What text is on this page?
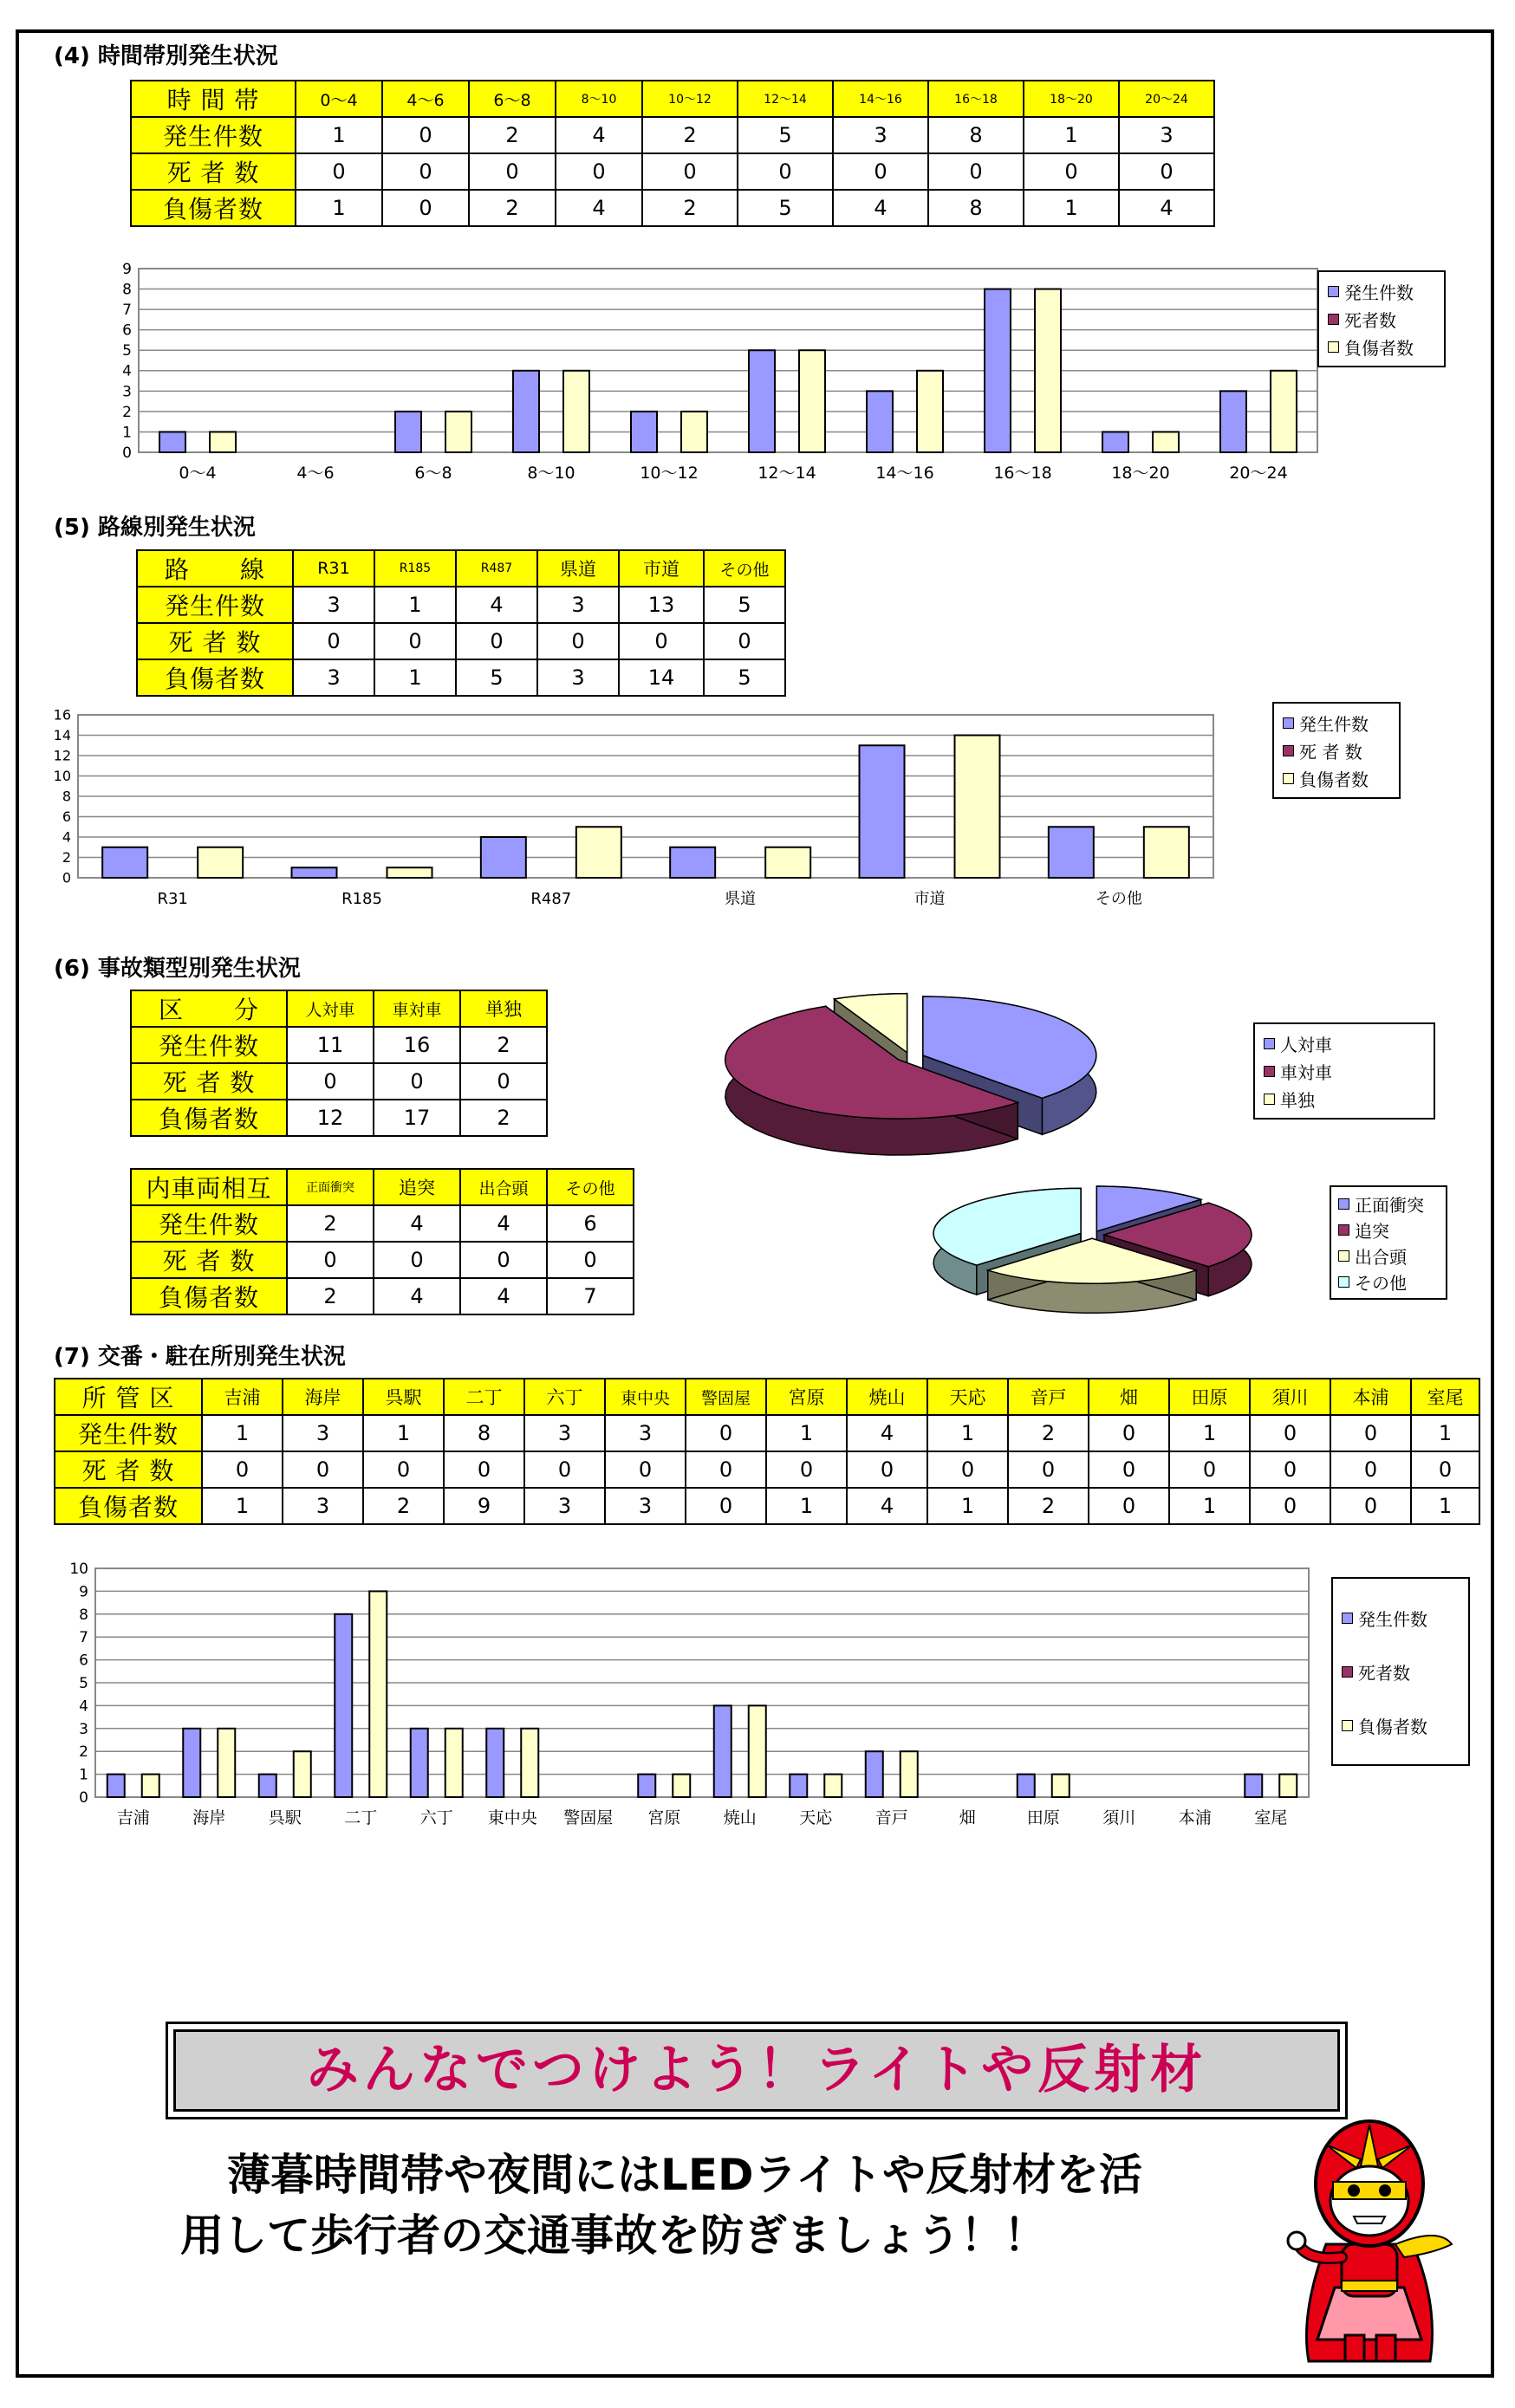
(4) 時間帯別発生状況
時 間 帯	0～4	4～6	6～8	8～10	10～12	12～14	14～16	16～18	18～20	20～24
発生件数	1	0	2	4	2	5	3	8	1	3
死 者 数	0	0	0	0	0	0	0	0	0	0
負傷者数	1	0	2	4	2	5	4	8	1	4
0
1
2
3
4
5
6
7
8
9
0～4	4～6	6～8	8～10	10～12	12～14	14～16	16～18	18～20	20～24
発生件数
死者数
負傷者数
(5) 路線別発生状況
路　　線	R31	R185	R487	県道	市道	その他
発生件数	3	1	4	3	13	5
死 者 数	0	0	0	0	0	0
負傷者数	3	1	5	3	14	5
0
2
4
6
8
10
12
14
16
R31	R185	R487	県道	市道	その他
発生件数
死 者 数
負傷者数
(6) 事故類型別発生状況
区　　分	人対車	車対車	単独
発生件数	11	16	2
死 者 数	0	0	0
負傷者数	12	17	2
内車両相互	正面衝突	追突	出合頭	その他
発生件数	2	4	4	6
死 者 数	0	0	0	0
負傷者数	2	4	4	7
人対車
車対車
単独
正面衝突
追突
出合頭
その他
(7) 交番・駐在所別発生状況
所 管 区	吉浦	海岸	呉駅	二丁	六丁	東中央	警固屋	宮原	焼山	天応	音戸	畑	田原	須川	本浦	室尾
発生件数	1	3	1	8	3	3	0	1	4	1	2	0	1	0	0	1
死 者 数	0	0	0	0	0	0	0	0	0	0	0	0	0	0	0	0
負傷者数	1	3	2	9	3	3	0	1	4	1	2	0	1	0	0	1
0
1
2
3
4
5
6
7
8
9
10
吉浦	海岸	呉駅	二丁	六丁 東中央 警固屋 宮原	焼山	天応	音戸	畑	田原	須川	本浦	室尾
発生件数
死者数
負傷者数
みんなでつけよう！ライトや反射材
薄暮時間帯や夜間にはLEDライトや反射材を活
用して歩行者の交通事故を防ぎましょう！！
